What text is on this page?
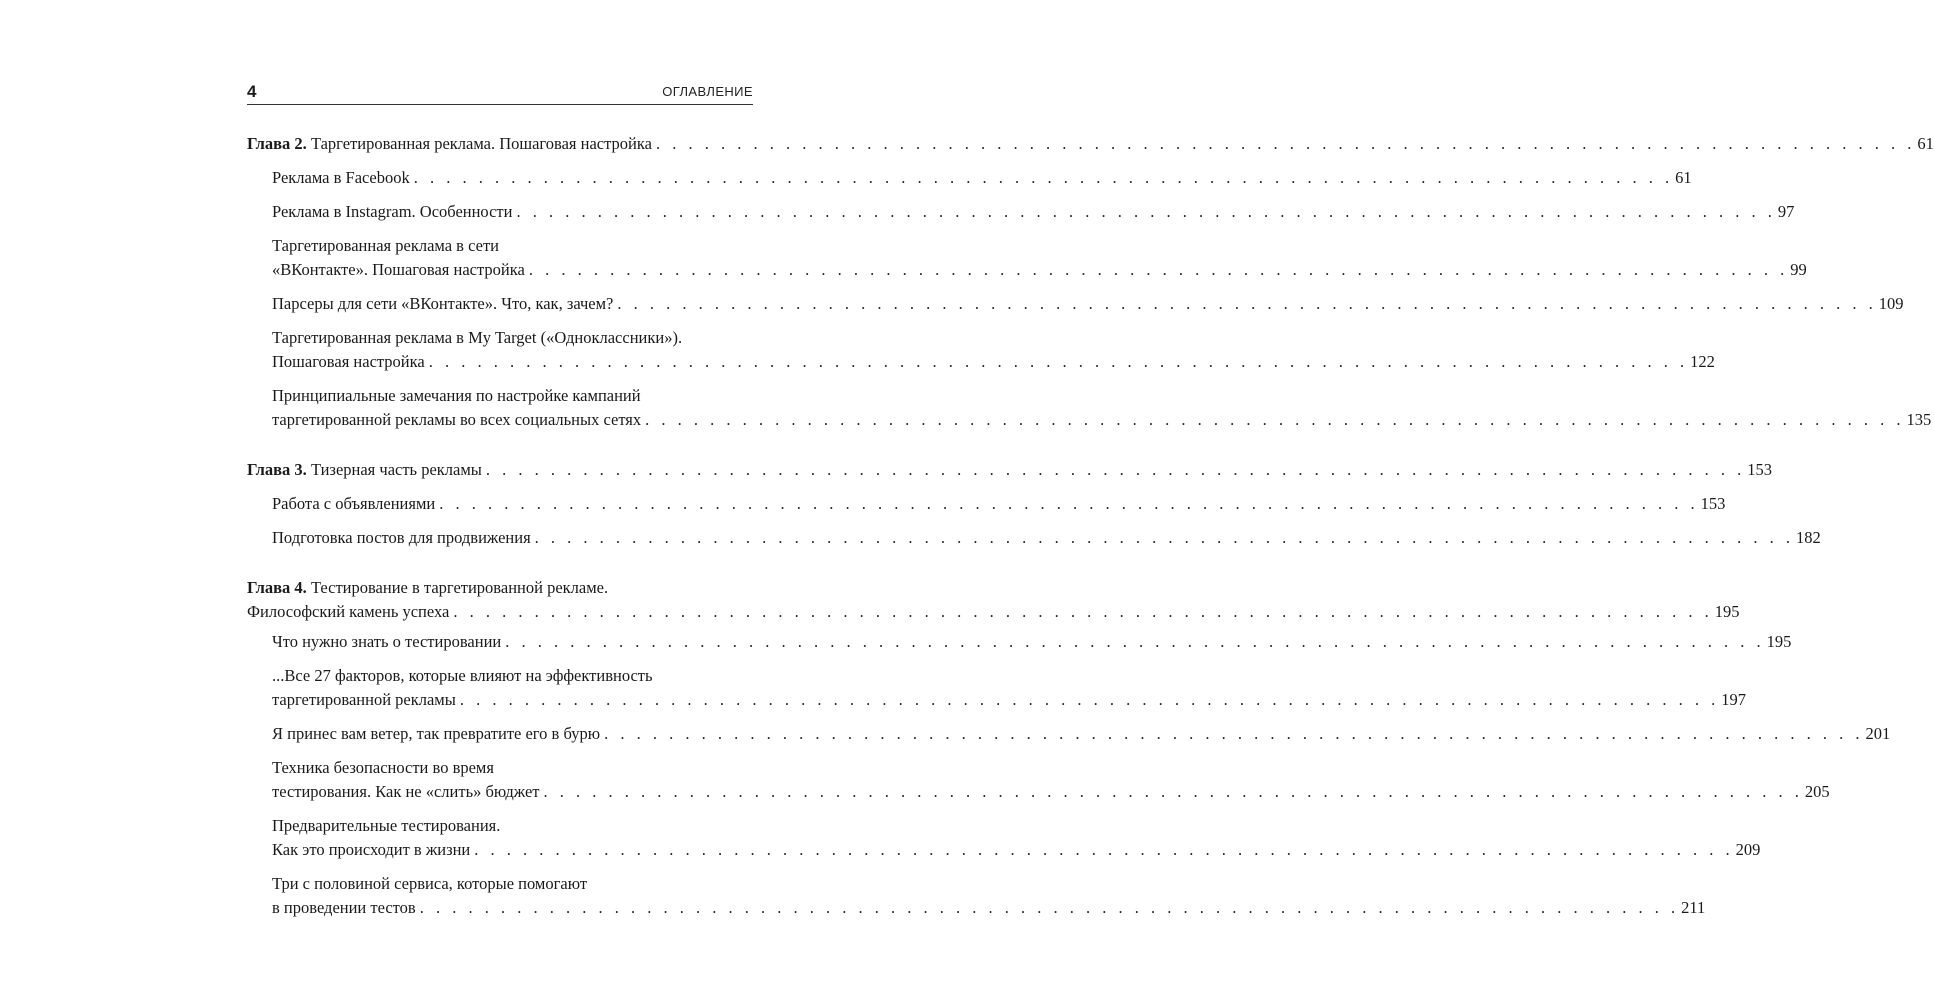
4	ОГЛАВЛЕНИЕ
Глава 2. Таргетированная реклама. Пошаговая настройка . . . . . . . . . . . . . . . . . . . . . . . . . . . . . . . . . . . . . . . . . . . . . . . . . . . . . . . . . . . . . . . . . . . . . . . . . . . . . . 61
Реклама в Facebook . . . . . . . . . . . . . . . . . . . . . . . . . . . . . . . . . . . . . . . . . . . . . . . . . . . . . . . . . . . . . . . . . . . . . . . . . . . . . . 61
Реклама в Instagram. Особенности . . . . . . . . . . . . . . . . . . . . . . . . . . . . . . . . . . . . . . . . . . . . . . . . . . . . . . . . . . . . . . . . . . . . . . . . . . . . . . 97
Таргетированная реклама в сети
«ВКонтакте». Пошаговая настройка . . . . . . . . . . . . . . . . . . . . . . . . . . . . . . . . . . . . . . . . . . . . . . . . . . . . . . . . . . . . . . . . . . . . . . . . . . . . . . 99
Парсеры для сети «ВКонтакте». Что, как, зачем? . . . . . . . . . . . . . . . . . . . . . . . . . . . . . . . . . . . . . . . . . . . . . . . . . . . . . . . . . . . . . . . . . . . . . . . . . . . . . . 109
Таргетированная реклама в My Target («Одноклассники»).
Пошаговая настройка . . . . . . . . . . . . . . . . . . . . . . . . . . . . . . . . . . . . . . . . . . . . . . . . . . . . . . . . . . . . . . . . . . . . . . . . . . . . . . 122
Принципиальные замечания по настройке кампаний
таргетированной рекламы во всех социальных сетях . . . . . . . . . . . . . . . . . . . . . . . . . . . . . . . . . . . . . . . . . . . . . . . . . . . . . . . . . . . . . . . . . . . . . . . . . . . . . . 135
Глава 3. Тизерная часть рекламы . . . . . . . . . . . . . . . . . . . . . . . . . . . . . . . . . . . . . . . . . . . . . . . . . . . . . . . . . . . . . . . . . . . . . . . . . . . . . . 153
Работа с объявлениями . . . . . . . . . . . . . . . . . . . . . . . . . . . . . . . . . . . . . . . . . . . . . . . . . . . . . . . . . . . . . . . . . . . . . . . . . . . . . . 153
Подготовка постов для продвижения . . . . . . . . . . . . . . . . . . . . . . . . . . . . . . . . . . . . . . . . . . . . . . . . . . . . . . . . . . . . . . . . . . . . . . . . . . . . . . 182
Глава 4. Тестирование в таргетированной рекламе.
Философский камень успеха . . . . . . . . . . . . . . . . . . . . . . . . . . . . . . . . . . . . . . . . . . . . . . . . . . . . . . . . . . . . . . . . . . . . . . . . . . . . . . 195
Что нужно знать о тестировании . . . . . . . . . . . . . . . . . . . . . . . . . . . . . . . . . . . . . . . . . . . . . . . . . . . . . . . . . . . . . . . . . . . . . . . . . . . . . . 195
...Все 27 факторов, которые влияют на эффективность
таргетированной рекламы . . . . . . . . . . . . . . . . . . . . . . . . . . . . . . . . . . . . . . . . . . . . . . . . . . . . . . . . . . . . . . . . . . . . . . . . . . . . . . 197
Я принес вам ветер, так превратите его в бурю . . . . . . . . . . . . . . . . . . . . . . . . . . . . . . . . . . . . . . . . . . . . . . . . . . . . . . . . . . . . . . . . . . . . . . . . . . . . . . 201
Техника безопасности во время
тестирования. Как не «слить» бюджет . . . . . . . . . . . . . . . . . . . . . . . . . . . . . . . . . . . . . . . . . . . . . . . . . . . . . . . . . . . . . . . . . . . . . . . . . . . . . . 205
Предварительные тестирования.
Как это происходит в жизни . . . . . . . . . . . . . . . . . . . . . . . . . . . . . . . . . . . . . . . . . . . . . . . . . . . . . . . . . . . . . . . . . . . . . . . . . . . . . . 209
Три с половиной сервиса, которые помогают
в проведении тестов . . . . . . . . . . . . . . . . . . . . . . . . . . . . . . . . . . . . . . . . . . . . . . . . . . . . . . . . . . . . . . . . . . . . . . . . . . . . . . 211
